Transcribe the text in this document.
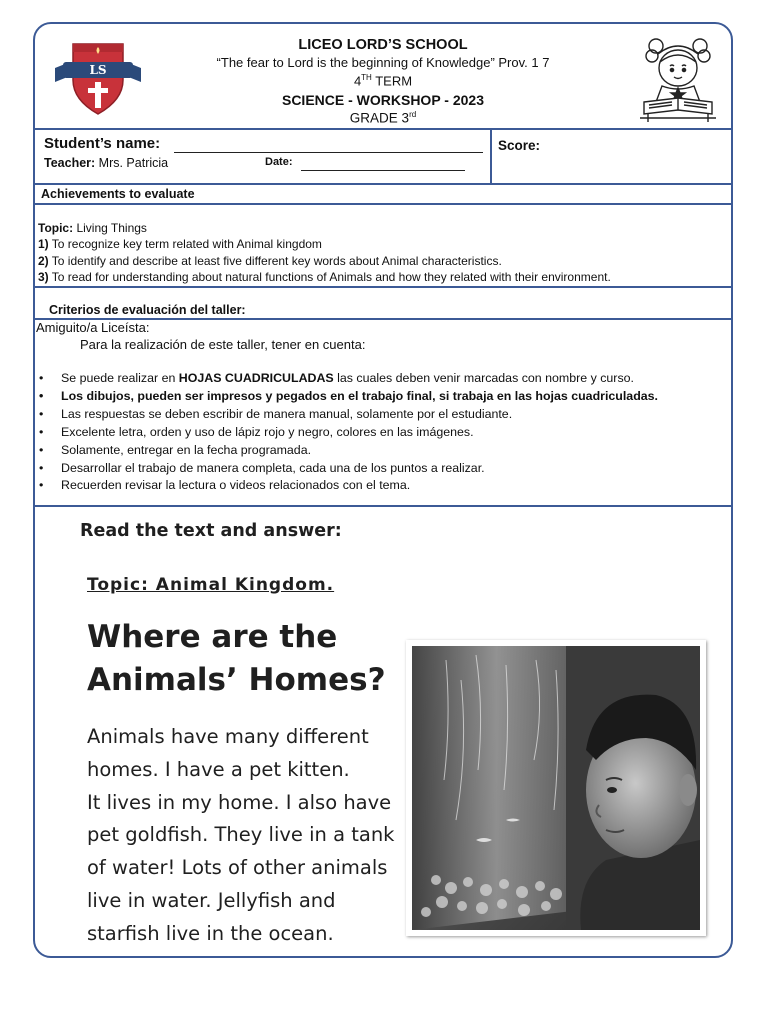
LS
LICEO LORD’S SCHOOL
“The fear to Lord is the beginning of Knowledge” Prov. 1 7
4TH TERM
SCIENCE - WORKSHOP - 2023
GRADE 3rd
Student’s name:
Teacher: Mrs. Patricia	Date:
Score:
Achievements to evaluate
Topic: Living Things
1) To recognize key term related with Animal kingdom
2) To identify and describe at least five different key words about Animal characteristics.
3) To read for understanding about natural functions of Animals and how they related with their environment.
Criterios de evaluación del taller:
Amiguito/a Liceísta:
Para la realización de este taller, tener en cuenta:
• Se puede realizar en HOJAS CUADRICULADAS las cuales deben venir marcadas con nombre y curso.
• Los dibujos, pueden ser impresos y pegados en el trabajo final, si trabaja en las hojas cuadriculadas.
• Las respuestas se deben escribir de manera manual, solamente por el estudiante.
• Excelente letra, orden y uso de lápiz rojo y negro, colores en las imágenes.
• Solamente, entregar en la fecha programada.
• Desarrollar el trabajo de manera completa, cada una de los puntos a realizar.
• Recuerden revisar la lectura o videos relacionados con el tema.
Read the text and answer:
Topic: Animal Kingdom.
Where are the
Animals’ Homes?
Animals have many different
homes. I have a pet kitten.
It lives in my home. I also have
pet goldfish. They live in a tank
of water! Lots of other animals
live in water. Jellyfish and
starfish live in the ocean.
